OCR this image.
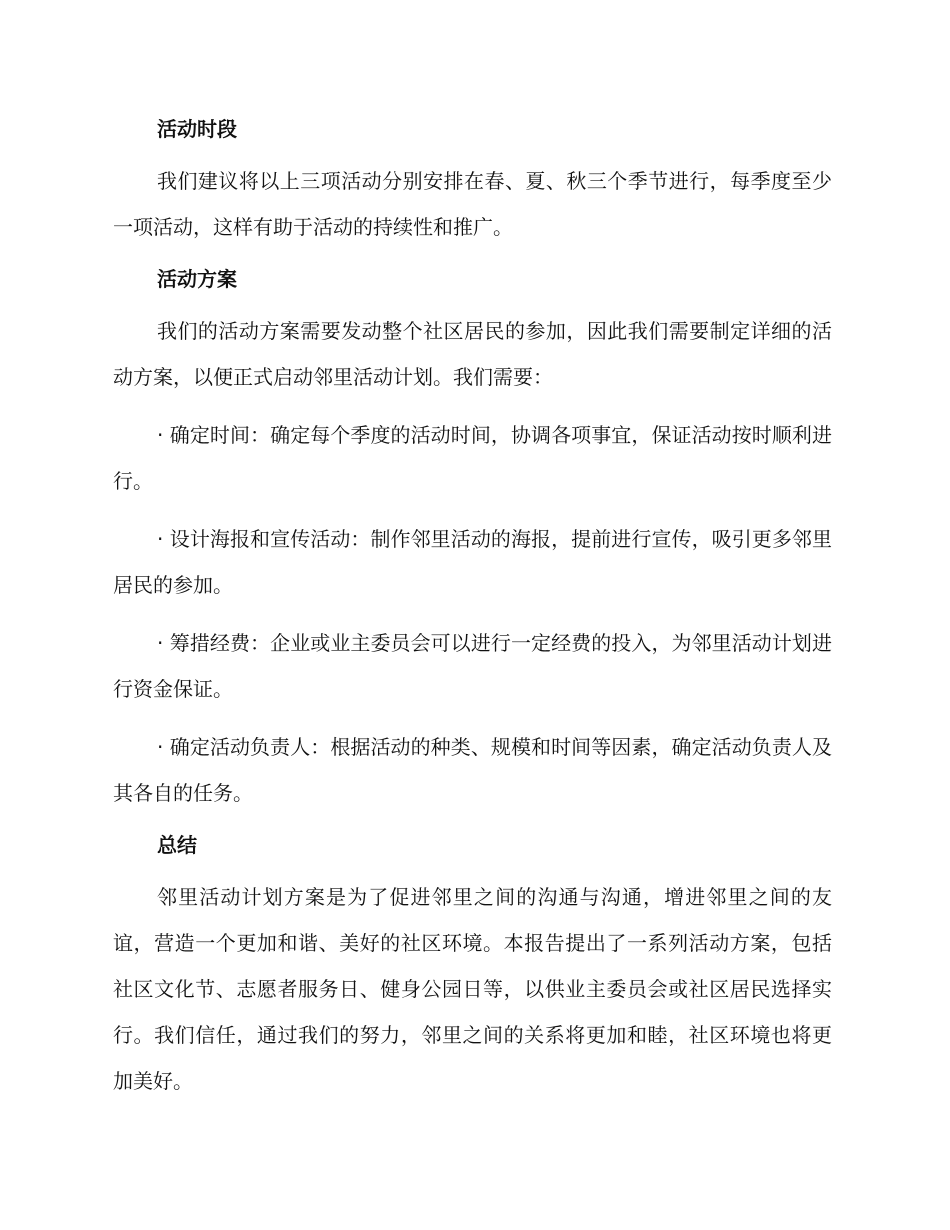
活动时段

我们建议将以上三项活动分别安排在春、夏、秋三个季节进行，每季度至少一项活动，这样有助于活动的持续性和推广。

活动方案

我们的活动方案需要发动整个社区居民的参加，因此我们需要制定详细的活动方案，以便正式启动邻里活动计划。我们需要：

· 确定时间：确定每个季度的活动时间，协调各项事宜，保证活动按时顺利进行。

· 设计海报和宣传活动：制作邻里活动的海报，提前进行宣传，吸引更多邻里居民的参加。

· 筹措经费：企业或业主委员会可以进行一定经费的投入，为邻里活动计划进行资金保证。

· 确定活动负责人：根据活动的种类、规模和时间等因素，确定活动负责人及其各自的任务。

总结

邻里活动计划方案是为了促进邻里之间的沟通与沟通，增进邻里之间的友谊，营造一个更加和谐、美好的社区环境。本报告提出了一系列活动方案，包括社区文化节、志愿者服务日、健身公园日等，以供业主委员会或社区居民选择实行。我们信任，通过我们的努力，邻里之间的关系将更加和睦，社区环境也将更加美好。
